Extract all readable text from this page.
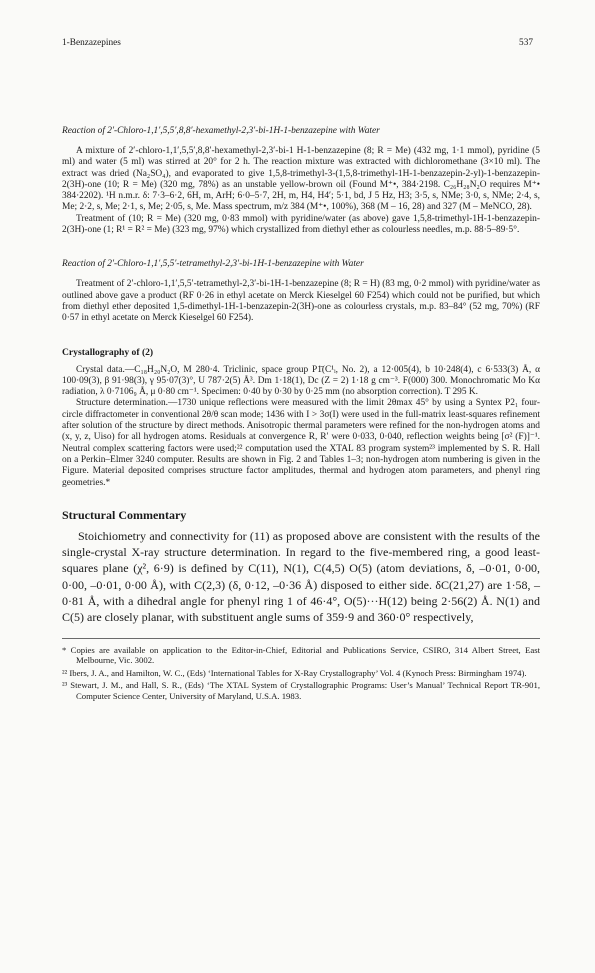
1-Benzazepines	537

Reaction of 2′-Chloro-1,1′,5,5′,8,8′-hexamethyl-2,3′-bi-1H-1-benzazepine with Water

A mixture of 2′-chloro-1,1′,5,5′,8,8′-hexamethyl-2,3′-bi-1 H-1-benzazepine (8; R = Me) (432 mg, 1·1 mmol), pyridine (5 ml) and water (5 ml) was stirred at 20° for 2 h. The reaction mixture was extracted with dichloromethane (3×10 ml). The extract was dried (Na₂SO₄), and evaporated to give 1,5,8-trimethyl-3-(1,5,8-trimethyl-1H-1-benzazepin-2-yl)-1-benzazepin-2(3H)-one (10; R = Me) (320 mg, 78%) as an unstable yellow-brown oil (Found M⁺•, 384·2198. C₂₆H₂₈N₂O requires M⁺• 384·2202). ¹H n.m.r. δ: 7·3–6·2, 6H, m, ArH; 6·0–5·7, 2H, m, H4, H4′; 5·1, bd, J 5 Hz, H3; 3·5, s, NMe; 3·0, s, NMe; 2·4, s, Me; 2·2, s, Me; 2·1, s, Me; 2·05, s, Me. Mass spectrum, m/z 384 (M⁺•, 100%), 368 (M – 16, 28) and 327 (M – MeNCO, 28).

Treatment of (10; R = Me) (320 mg, 0·83 mmol) with pyridine/water (as above) gave 1,5,8-trimethyl-1H-1-benzazepin-2(3H)-one (1; R¹ = R² = Me) (323 mg, 97%) which crystallized from diethyl ether as colourless needles, m.p. 88·5–89·5°.

Reaction of 2′-Chloro-1,1′,5,5′-tetramethyl-2,3′-bi-1H-1-benzazepine with Water

Treatment of 2′-chloro-1,1′,5,5′-tetramethyl-2,3′-bi-1H-1-benzazepine (8; R = H) (83 mg, 0·2 mmol) with pyridine/water as outlined above gave a product (RF 0·26 in ethyl acetate on Merck Kieselgel 60 F254) which could not be purified, but which from diethyl ether deposited 1,5-dimethyl-1H-1-benzazepin-2(3H)-one as colourless crystals, m.p. 83–84° (52 mg, 70%) (RF 0·57 in ethyl acetate on Merck Kieselgel 60 F254).

Crystallography of (2)

Crystal data.—C₁₈H₂₀N₂O, M 280·4. Triclinic, space group P1̄(C¹ᵢ, No. 2), a 12·005(4), b 10·248(4), c 6·533(3) Å, α 100·09(3), β 91·98(3), γ 95·07(3)°, U 787·2(5) Å³. Dm 1·18(1), Dc (Z = 2) 1·18 g cm⁻³. F(000) 300. Monochromatic Mo Kα radiation, λ 0·7106₉ Å, μ 0·80 cm⁻¹. Specimen: 0·40 by 0·30 by 0·25 mm (no absorption correction). T 295 K.

Structure determination.—1730 unique reflections were measured with the limit 2θmax 45° by using a Syntex P2₁ four-circle diffractometer in conventional 2θ/θ scan mode; 1436 with I > 3σ(I) were used in the full-matrix least-squares refinement after solution of the structure by direct methods. Anisotropic thermal parameters were refined for the non-hydrogen atoms and (x, y, z, Uiso) for all hydrogen atoms. Residuals at convergence R, R′ were 0·033, 0·040, reflection weights being [σ² (F)]⁻¹. Neutral complex scattering factors were used;²² computation used the XTAL 83 program system²³ implemented by S. R. Hall on a Perkin–Elmer 3240 computer. Results are shown in Fig. 2 and Tables 1–3; non-hydrogen atom numbering is given in the Figure. Material deposited comprises structure factor amplitudes, thermal and hydrogen atom parameters, and phenyl ring geometries.*

Structural Commentary

Stoichiometry and connectivity for (11) as proposed above are consistent with the results of the single-crystal X-ray structure determination. In regard to the five-membered ring, a good least-squares plane (χ², 6·9) is defined by C(11), N(1), C(4,5) O(5) (atom deviations, δ, –0·01, 0·00, 0·00, –0·01, 0·00 Å), with C(2,3) (δ, 0·12, –0·36 Å) disposed to either side. δC(21,27) are 1·58, –0·81 Å, with a dihedral angle for phenyl ring 1 of 46·4°, O(5)···H(12) being 2·56(2) Å. N(1) and C(5) are closely planar, with substituent angle sums of 359·9 and 360·0° respectively,

* Copies are available on application to the Editor-in-Chief, Editorial and Publications Service, CSIRO, 314 Albert Street, East Melbourne, Vic. 3002.

²² Ibers, J. A., and Hamilton, W. C., (Eds) ‘International Tables for X-Ray Crystallography’ Vol. 4 (Kynoch Press: Birmingham 1974).

²³ Stewart, J. M., and Hall, S. R., (Eds) ‘The XTAL System of Crystallographic Programs: User’s Manual’ Technical Report TR-901, Computer Science Center, University of Maryland, U.S.A. 1983.
